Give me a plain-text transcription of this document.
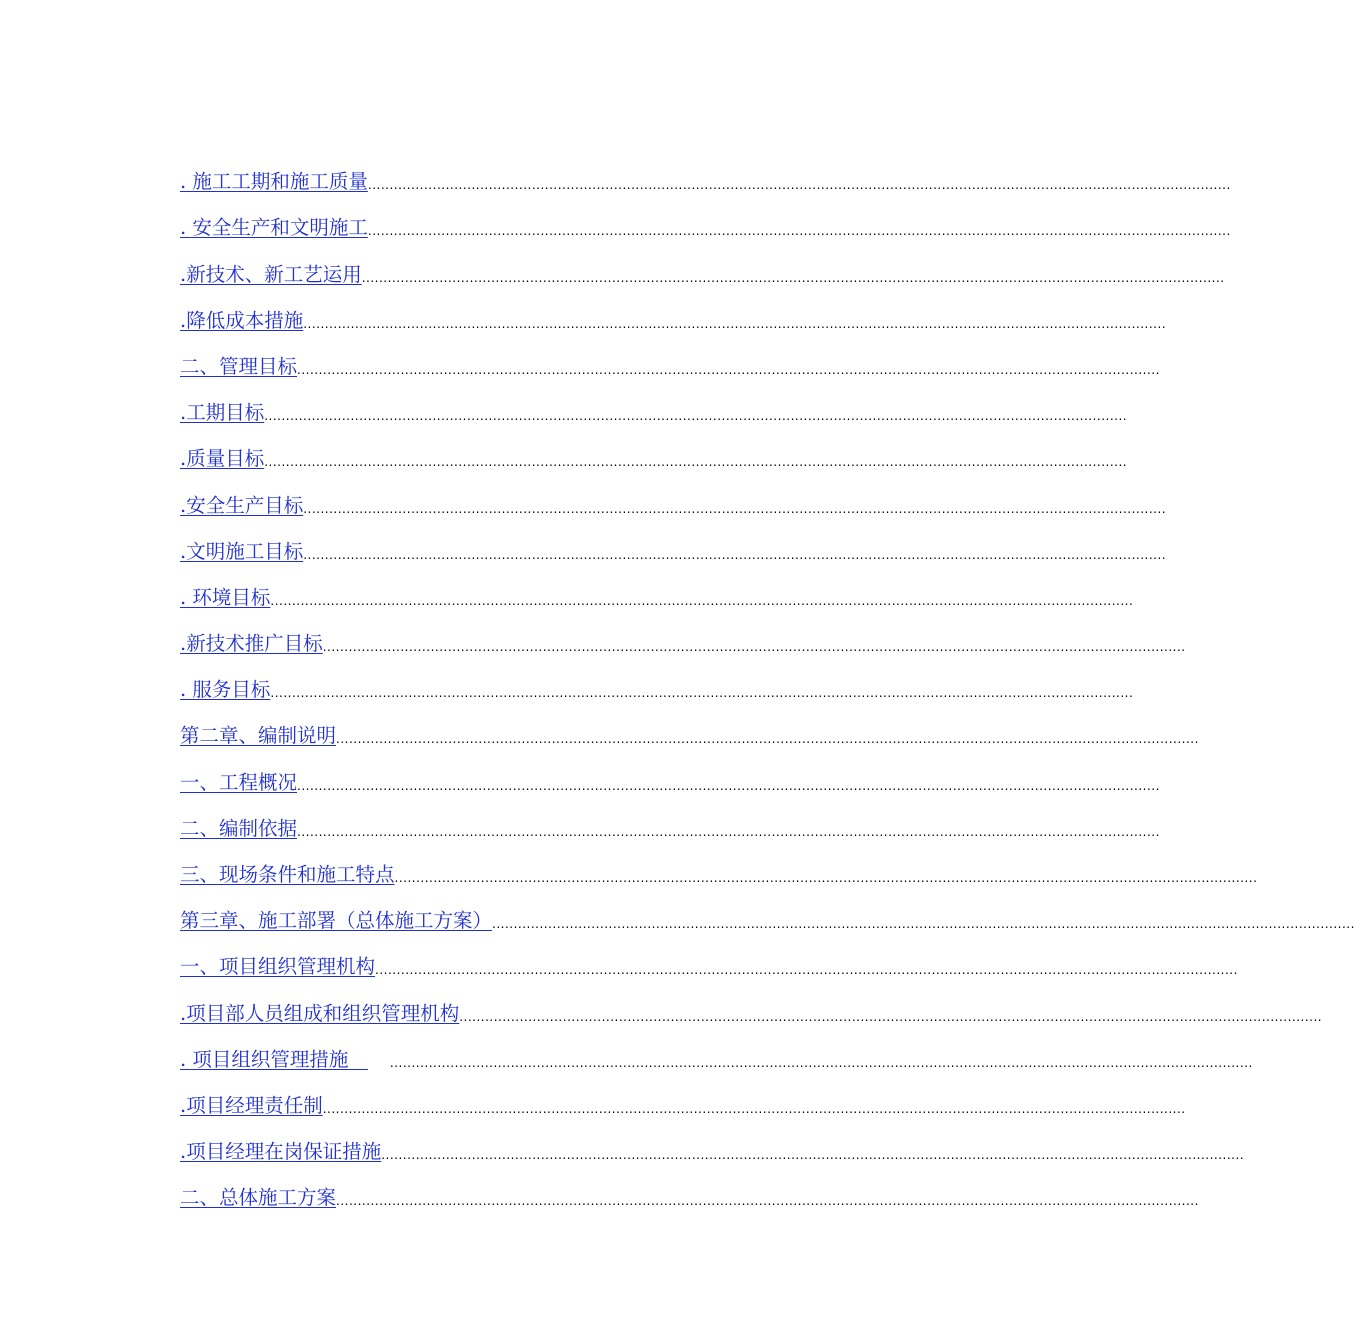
. 施工工期和施工质量 ........................................................................................................................................................................................................
. 安全生产和文明施工 ........................................................................................................................................................................................................
.新技术、新工艺运用 ........................................................................................................................................................................................................
.降低成本措施 ........................................................................................................................................................................................................
二、管理目标 ........................................................................................................................................................................................................
.工期目标 ........................................................................................................................................................................................................
.质量目标 ........................................................................................................................................................................................................
.安全生产目标 ........................................................................................................................................................................................................
.文明施工目标 ........................................................................................................................................................................................................
. 环境目标 ........................................................................................................................................................................................................
.新技术推广目标 ........................................................................................................................................................................................................
. 服务目标 ........................................................................................................................................................................................................
第二章、编制说明 ........................................................................................................................................................................................................
一、工程概况 ........................................................................................................................................................................................................
二、编制依据 ........................................................................................................................................................................................................
三、现场条件和施工特点 ........................................................................................................................................................................................................
第三章、施工部署（总体施工方案） ........................................................................................................................................................................................................
一、项目组织管理机构 ........................................................................................................................................................................................................
.项目部人员组成和组织管理机构 ........................................................................................................................................................................................................
. 项目组织管理措施　 ........................................................................................................................................................................................................
.项目经理责任制 ........................................................................................................................................................................................................
.项目经理在岗保证措施 ........................................................................................................................................................................................................
二、总体施工方案 ........................................................................................................................................................................................................
